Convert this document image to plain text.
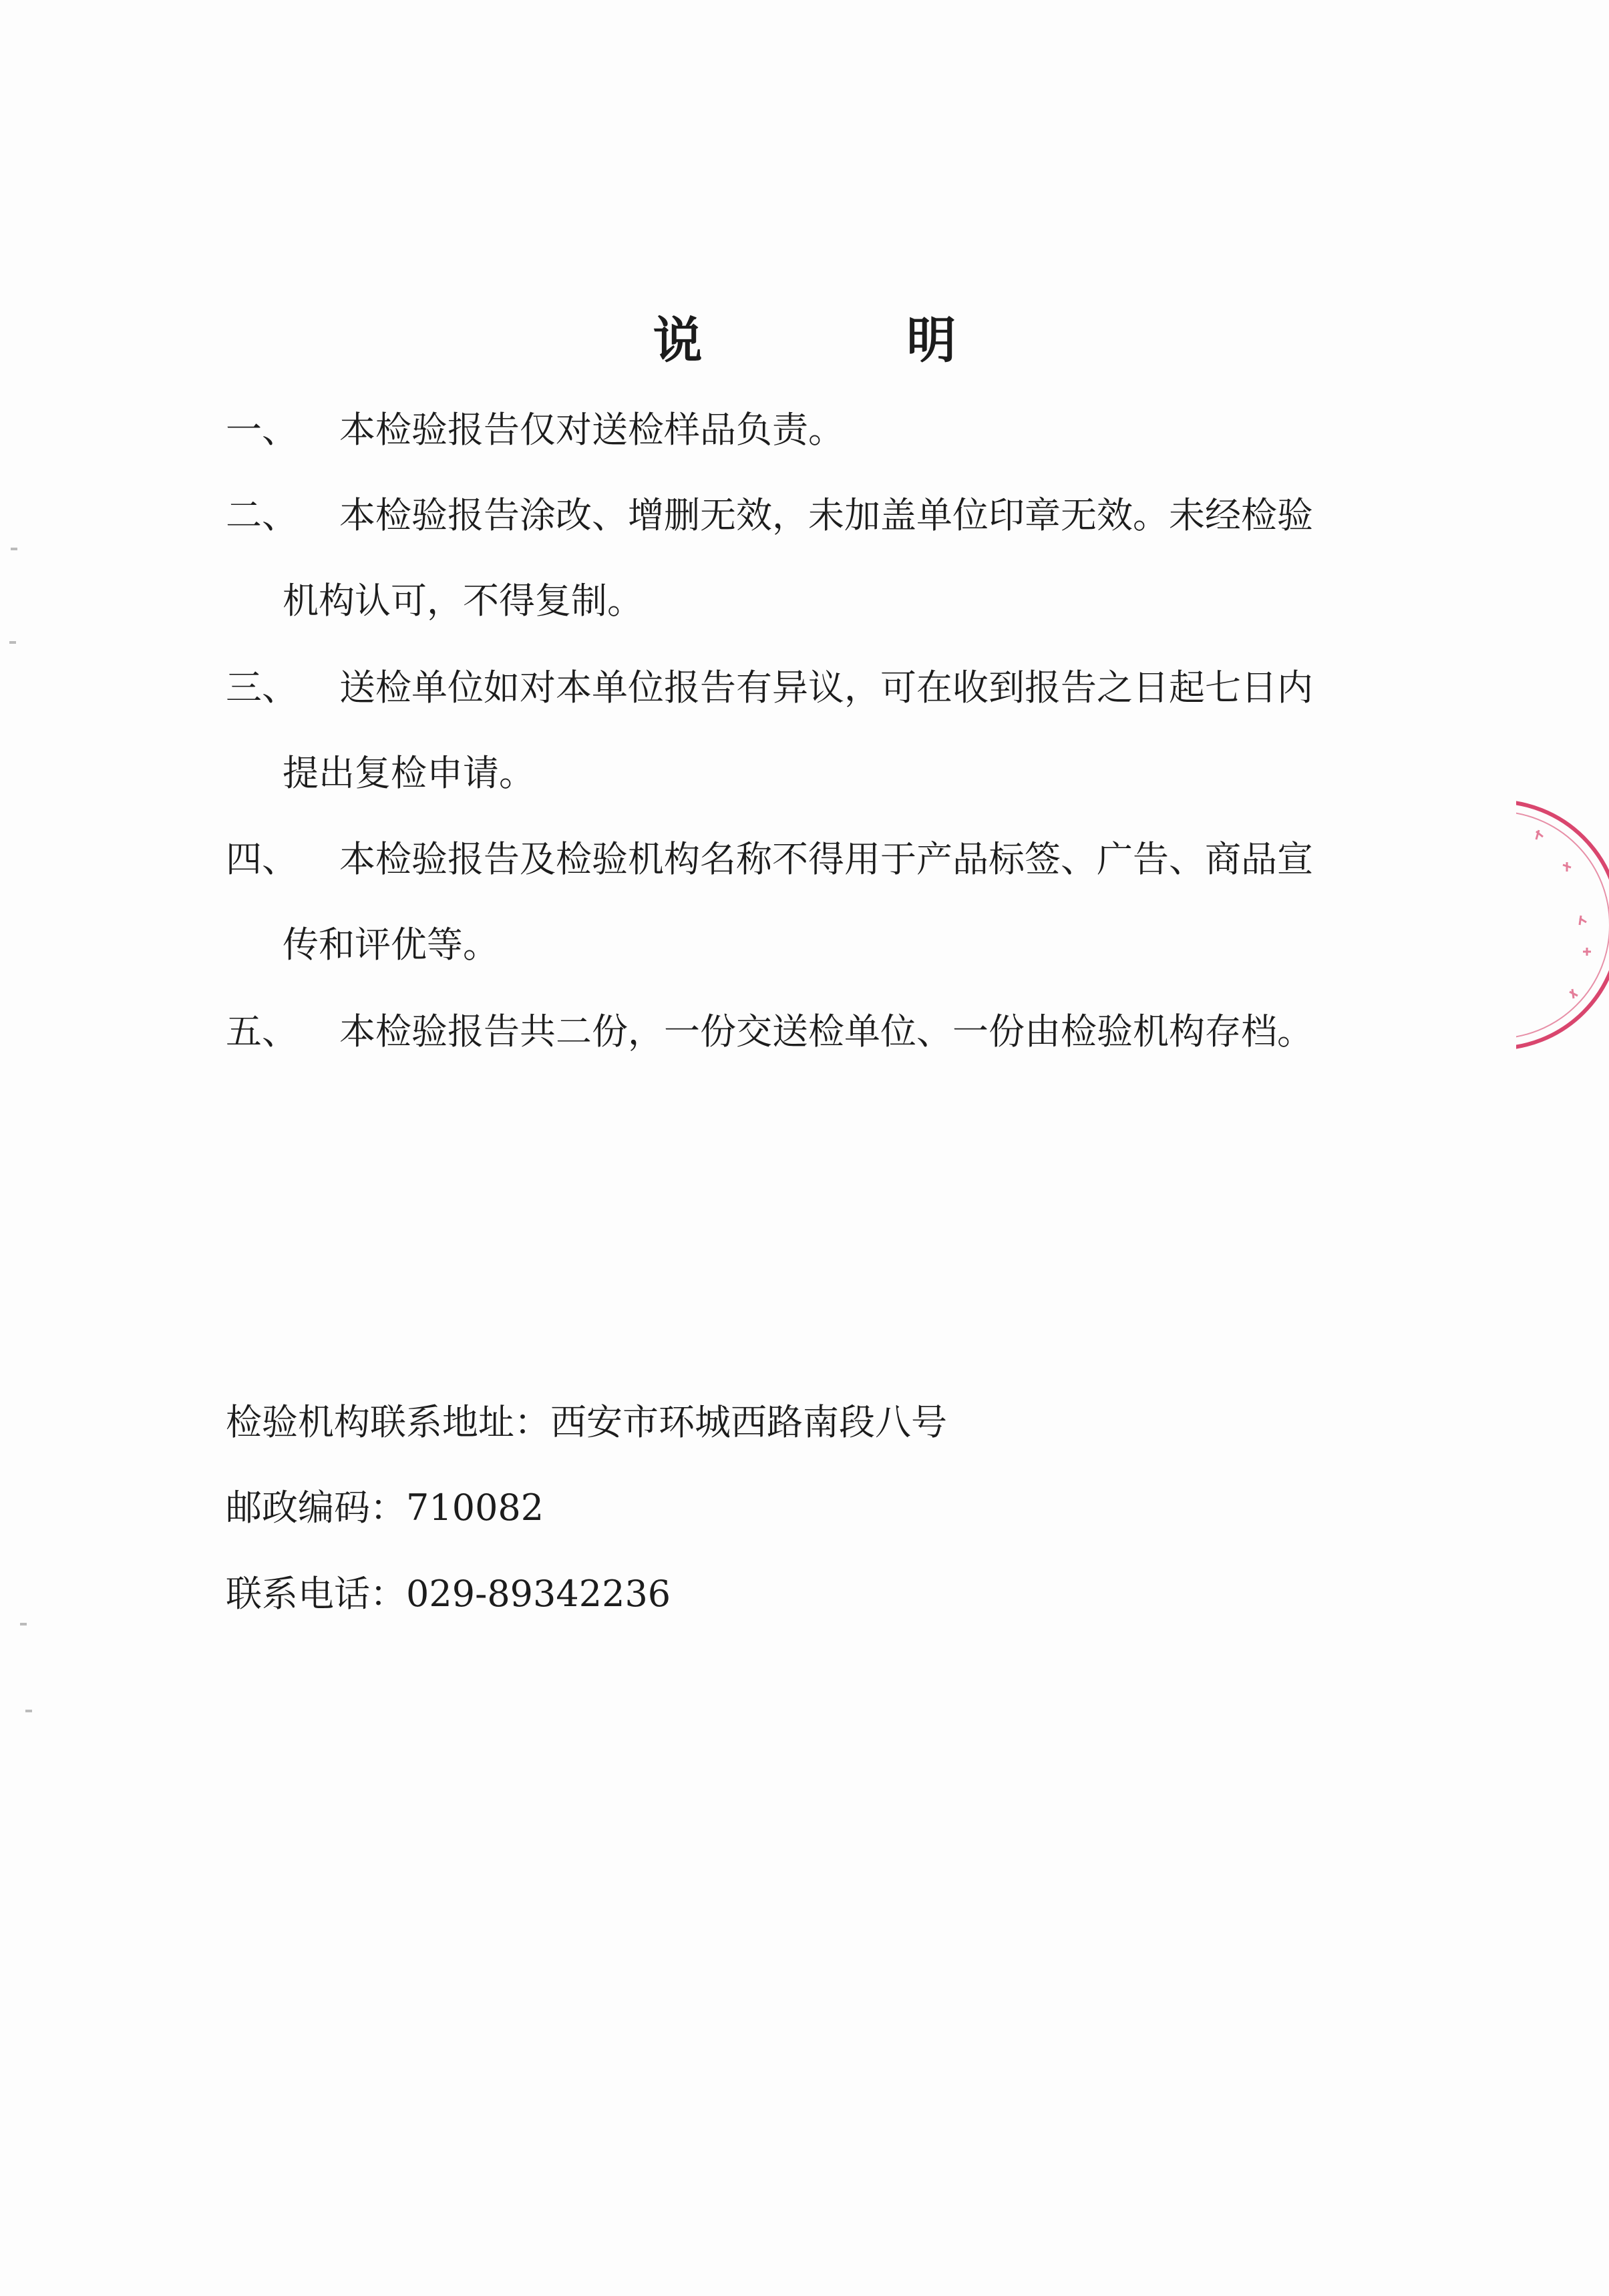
说 明
一、	本检验报告仅对送检样品负责。
二、	本检验报告涂改、增删无效，未加盖单位印章无效。未经检验
机构认可，不得复制。
三、	送检单位如对本单位报告有异议，可在收到报告之日起七日内
提出复检申请。
四、	本检验报告及检验机构名称不得用于产品标签、广告、商品宣
传和评优等。
五、	本检验报告共二份，一份交送检单位、一份由检验机构存档。
检验机构联系地址：西安市环城西路南段八号
邮政编码：710082
联系电话：029-89342236
